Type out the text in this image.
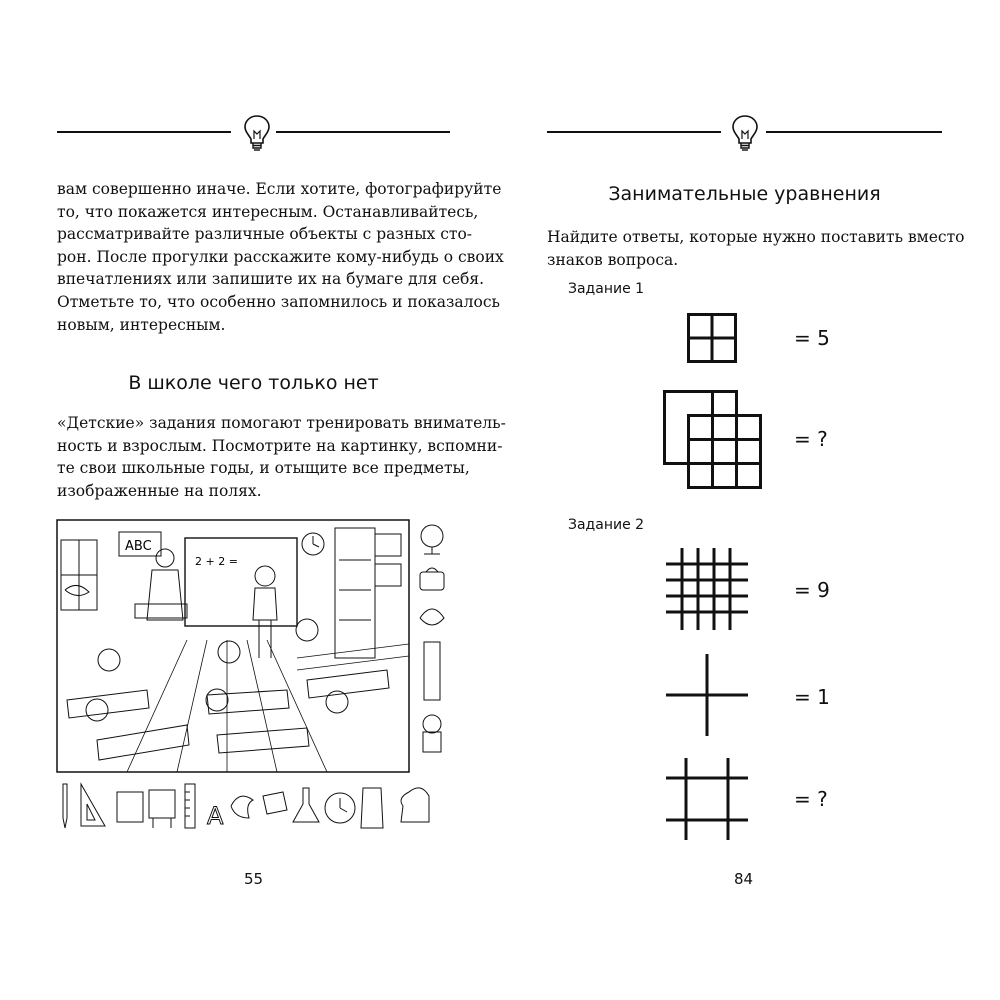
вам совершенно иначе. Если хотите, фотографируйте
то, что покажется интересным. Останавливайтесь,
рассматривайте различные объекты с разных сто-
рон. После прогулки расскажите кому-нибудь о своих
впечатлениях или запишите их на бумаге для себя.
Отметьте то, что особенно запомнилось и показалось
новым, интересным.
В школе чего только нет
«Детские» задания помогают тренировать вниматель-
ность и взрослым. Посмотрите на картинку, вспомни-
те свои школьные годы, и отыщите все предметы,
изображенные на полях.
ABC
2 + 2 =
A
55
Занимательные уравнения
Найдите ответы, которые нужно поставить вместо
знаков вопроса.
Задание 1
= 5
= ?
Задание 2
= 9
= 1
= ?
84
